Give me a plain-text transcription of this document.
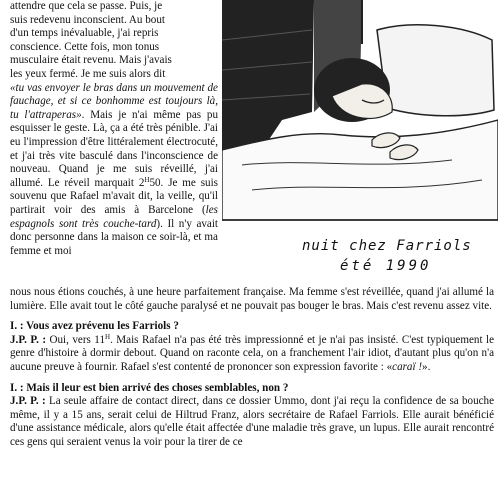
attendre que cela se passe. Puis, je

suis redevenu inconscient. Au bout

d'un temps inévaluable, j'ai repris

conscience. Cette fois, mon tonus

musculaire était revenu. Mais j'avais

les yeux fermé. Je me suis alors dit

«tu vas envoyer le bras dans un mouvement de fauchage, et si ce bonhomme est toujours là, tu l'attraperas». Mais je n'ai même pas pu esquisser le geste. Là, ça a été très pénible. J'ai eu l'impression d'être littéralement électrocuté, et j'ai très vite basculé dans l'inconscience de nouveau. Quand je me suis réveillé, j'ai allumé. Le réveil marquait $2^H50$. Je me suis souvenu que Rafael m'avait dit, la veille, qu'il partirait voir des amis à Barcelone (les espagnols sont très couche-tard). Il n'y avait donc personne dans la maison ce soir-là, et ma femme et moi	nuit chez Farriols
été 1990

nous nous étions couchés, à une heure parfaitement française. Ma femme s'est réveillée, quand j'ai allumé la lumière. Elle avait tout le côté gauche paralysé et ne pouvait pas bouger le bras. Mais c'est revenu assez vite.

I. : Vous avez prévenu les Farriols ?

J.P. P. : Oui, vers $11^H$. Mais Rafael n'a pas été très impressionné et je n'ai pas insisté. C'est typiquement le genre d'histoire à dormir debout. Quand on raconte cela, on a franchement l'air idiot, d'autant plus qu'on n'a aucune preuve à fournir. Rafael s'est contenté de prononcer son expression favorite : «caraï !».

I. : Mais il leur est bien arrivé des choses semblables, non ?

J.P. P. : La seule affaire de contact direct, dans ce dossier Ummo, dont j'ai reçu la confidence de sa bouche même, il y a 15 ans, serait celui de Hiltrud Franz, alors secrétaire de Rafael Farriols. Elle aurait bénéficié d'une assistance médicale, alors qu'elle était affectée d'une maladie très grave, un lupus. Elle aurait rencontré ces gens qui seraient venus la voir pour la tirer de ce
